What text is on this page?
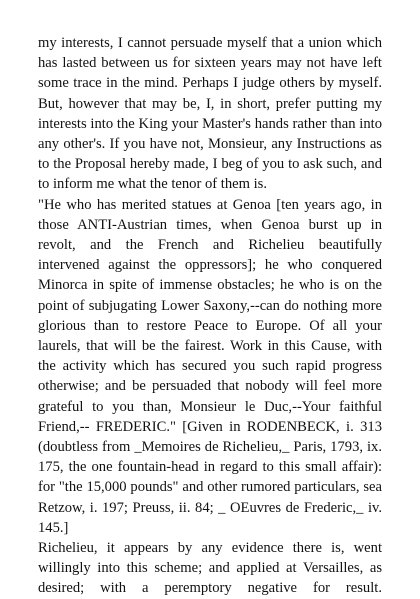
my interests, I cannot persuade myself that a union which has lasted between us for sixteen years may not have left some trace in the mind. Perhaps I judge others by myself. But, however that may be, I, in short, prefer putting my interests into the King your Master's hands rather than into any other's. If you have not, Monsieur, any Instructions as to the Proposal hereby made, I beg of you to ask such, and to inform me what the tenor of them is.

"He who has merited statues at Genoa [ten years ago, in those ANTI-Austrian times, when Genoa burst up in revolt, and the French and Richelieu beautifully intervened against the oppressors]; he who conquered Minorca in spite of immense obstacles; he who is on the point of subjugating Lower Saxony,--can do nothing more glorious than to restore Peace to Europe. Of all your laurels, that will be the fairest. Work in this Cause, with the activity which has secured you such rapid progress otherwise; and be persuaded that nobody will feel more grateful to you than, Monsieur le Duc,--Your faithful Friend,-- FREDERIC." [Given in RODENBECK, i. 313 (doubtless from _Memoires de Richelieu,_ Paris, 1793, ix. 175, the one fountain-head in regard to this small affair): for "the 15,000 pounds" and other rumored particulars, sea Retzow, i. 197; Preuss, ii. 84; _ OEuvres de Frederic,_ iv. 145.]

Richelieu, it appears by any evidence there is, went willingly into this scheme; and applied at Versailles, as desired; with a peremptory negative for result.
